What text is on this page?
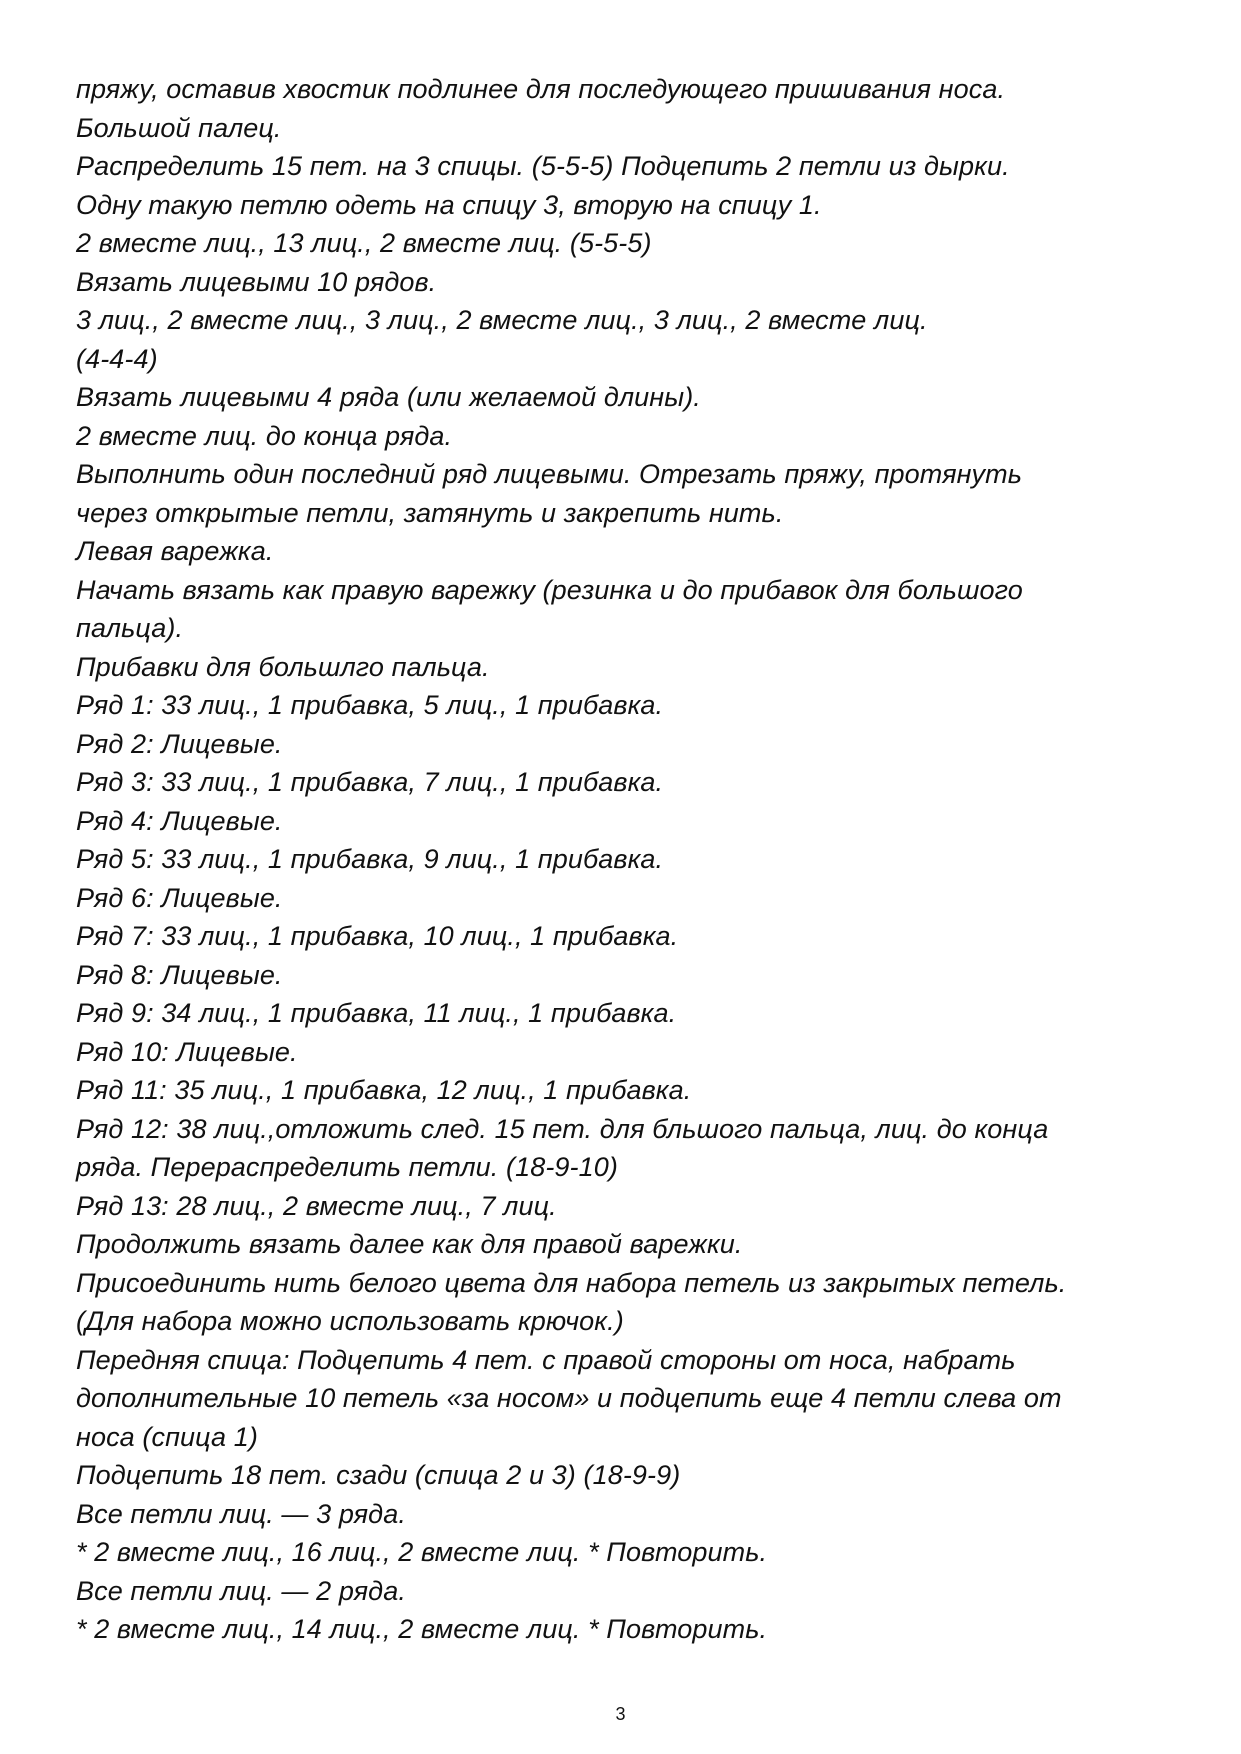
пряжу, оставив хвостик подлинее для последующего пришивания носа.
Большой палец.
Распределить 15 пет. на 3 спицы. (5-5-5) Подцепить 2 петли из дырки.
Одну такую петлю одеть на спицу 3, вторую на спицу 1.
2 вместе лиц., 13 лиц., 2 вместе лиц. (5-5-5)
Вязать лицевыми 10 рядов.
3 лиц., 2 вместе лиц., 3 лиц., 2 вместе лиц., 3 лиц., 2 вместе лиц.
(4-4-4)
Вязать лицевыми 4 ряда (или желаемой длины).
2 вместе лиц. до конца ряда.
Выполнить один последний ряд лицевыми. Отрезать пряжу, протянуть
через открытые петли, затянуть и закрепить нить.
Левая варежка.
Начать вязать как правую варежку (резинка и до прибавок для большого
пальца).
Прибавки для большлго пальца.
Ряд 1: 33 лиц., 1 прибавка, 5 лиц., 1 прибавка.
Ряд 2: Лицевые.
Ряд 3: 33 лиц., 1 прибавка, 7 лиц., 1 прибавка.
Ряд 4: Лицевые.
Ряд 5: 33 лиц., 1 прибавка, 9 лиц., 1 прибавка.
Ряд 6: Лицевые.
Ряд 7: 33 лиц., 1 прибавка, 10 лиц., 1 прибавка.
Ряд 8: Лицевые.
Ряд 9: 34 лиц., 1 прибавка, 11 лиц., 1 прибавка.
Ряд 10: Лицевые.
Ряд 11: 35 лиц., 1 прибавка, 12 лиц., 1 прибавка.
Ряд 12: 38 лиц.,отложить след. 15 пет. для бльшого пальца, лиц. до конца
ряда. Перераспределить петли. (18-9-10)
Ряд 13: 28 лиц., 2 вместе лиц., 7 лиц.
Продолжить вязать далее как для правой варежки.
Присоединить нить белого цвета для набора петель из закрытых петель.
(Для набора можно использовать крючок.)
Передняя спица: Подцепить 4 пет. с правой стороны от носа, набрать
дополнительные 10 петель «за носом» и подцепить еще 4 петли слева от
носа (спица 1)
Подцепить 18 пет. сзади (спица 2 и 3) (18-9-9)
Все петли лиц. — 3 ряда.
* 2 вместе лиц., 16 лиц., 2 вместе лиц. * Повторить.
Все петли лиц. — 2 ряда.
* 2 вместе лиц., 14 лиц., 2 вместе лиц. * Повторить.
3
